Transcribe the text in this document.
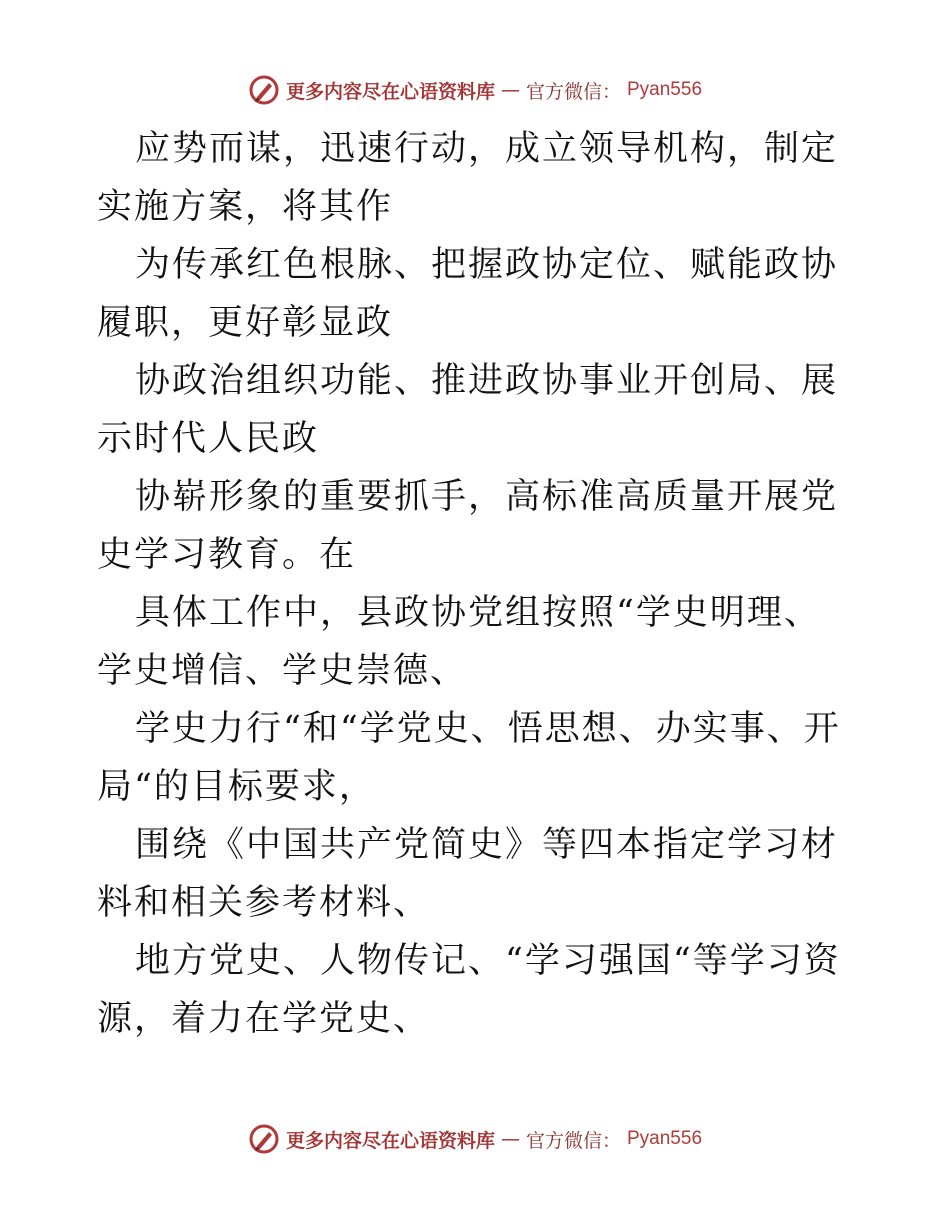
更多内容尽在心语资料库 — 官方微信： Pyan556

应势而谋，迅速行动，成立领导机构，制定实施方案，将其作

为传承红色根脉、把握政协定位、赋能政协履职，更好彰显政

协政治组织功能、推进政协事业开创局、展示时代人民政

协崭形象的重要抓手，高标准高质量开展党史学习教育。在

具体工作中，县政协党组按照“学史明理、学史增信、学史崇德、

学史力行“和“学党史、悟思想、办实事、开局“的目标要求，

围绕《中国共产党简史》等四本指定学习材料和相关参考材料、

地方党史、人物传记、“学习强国“等学习资源，着力在学党史、

更多内容尽在心语资料库 — 官方微信： Pyan556
